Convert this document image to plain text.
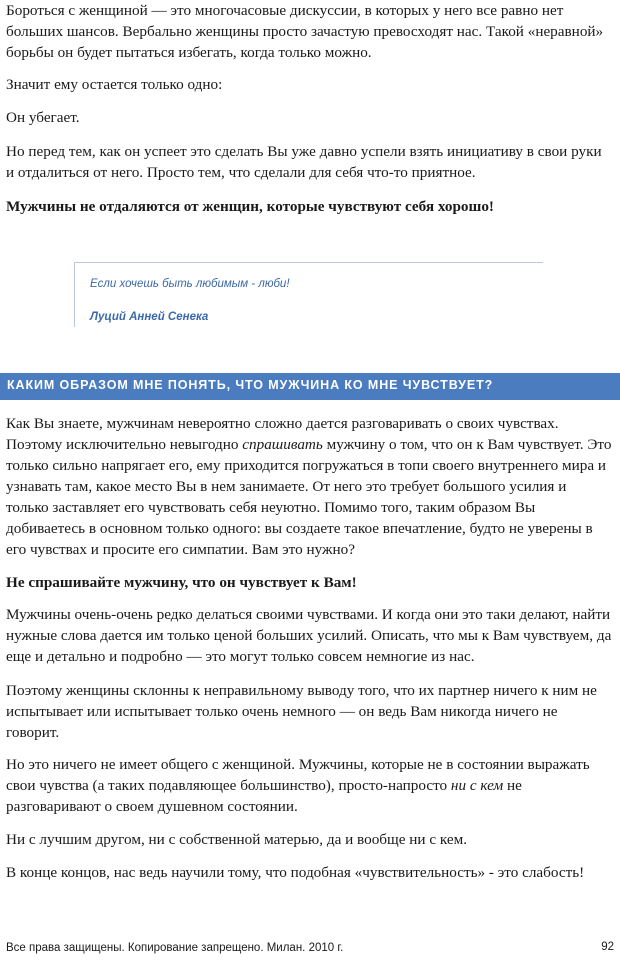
Бороться с женщиной — это многочасовые дискуссии, в которых у него все равно нет больших шансов. Вербально женщины просто зачастую превосходят нас. Такой «неравной» борьбы он будет пытаться избегать, когда только можно.

Значит ему остается только одно:

Он убегает.

Но перед тем, как он успеет это сделать Вы уже давно успели взять инициативу в свои руки и отдалиться от него. Просто тем, что сделали для себя что-то приятное.

Мужчины не отдаляются от женщин, которые чувствуют себя хорошо!

Если хочешь быть любимым - люби!
Луций Анней Сенека
КАКИМ ОБРАЗОМ МНЕ ПОНЯТЬ, ЧТО МУЖЧИНА КО МНЕ ЧУВСТВУЕТ?

Как Вы знаете, мужчинам невероятно сложно дается разговаривать о своих чувствах. Поэтому исключительно невыгодно спрашивать мужчину о том, что он к Вам чувствует. Это только сильно напрягает его, ему приходится погружаться в топи своего внутреннего мира и узнавать там, какое место Вы в нем занимаете. От него это требует большого усилия и только заставляет его чувствовать себя неуютно. Помимо того, таким образом Вы добиваетесь в основном только одного: вы создаете такое впечатление, будто не уверены в его чувствах и просите его симпатии. Вам это нужно?

Не спрашивайте мужчину, что он чувствует к Вам!

Мужчины очень-очень редко делаться своими чувствами. И когда они это таки делают, найти нужные слова дается им только ценой больших усилий. Описать, что мы к Вам чувствуем, да еще и детально и подробно — это могут только совсем немногие из нас.

Поэтому женщины склонны к неправильному выводу того, что их партнер ничего к ним не испытывает или испытывает только очень немного — он ведь Вам никогда ничего не говорит.

Но это ничего не имеет общего с женщиной. Мужчины, которые не в состоянии выражать свои чувства (а таких подавляющее большинство), просто-напросто ни с кем не разговаривают о своем душевном состоянии.

Ни с лучшим другом, ни с собственной матерью, да и вообще ни с кем.

В конце концов, нас ведь научили тому, что подобная «чувствительность» - это слабость!

Все права защищены. Копирование запрещено. Милан. 2010 г.	92
